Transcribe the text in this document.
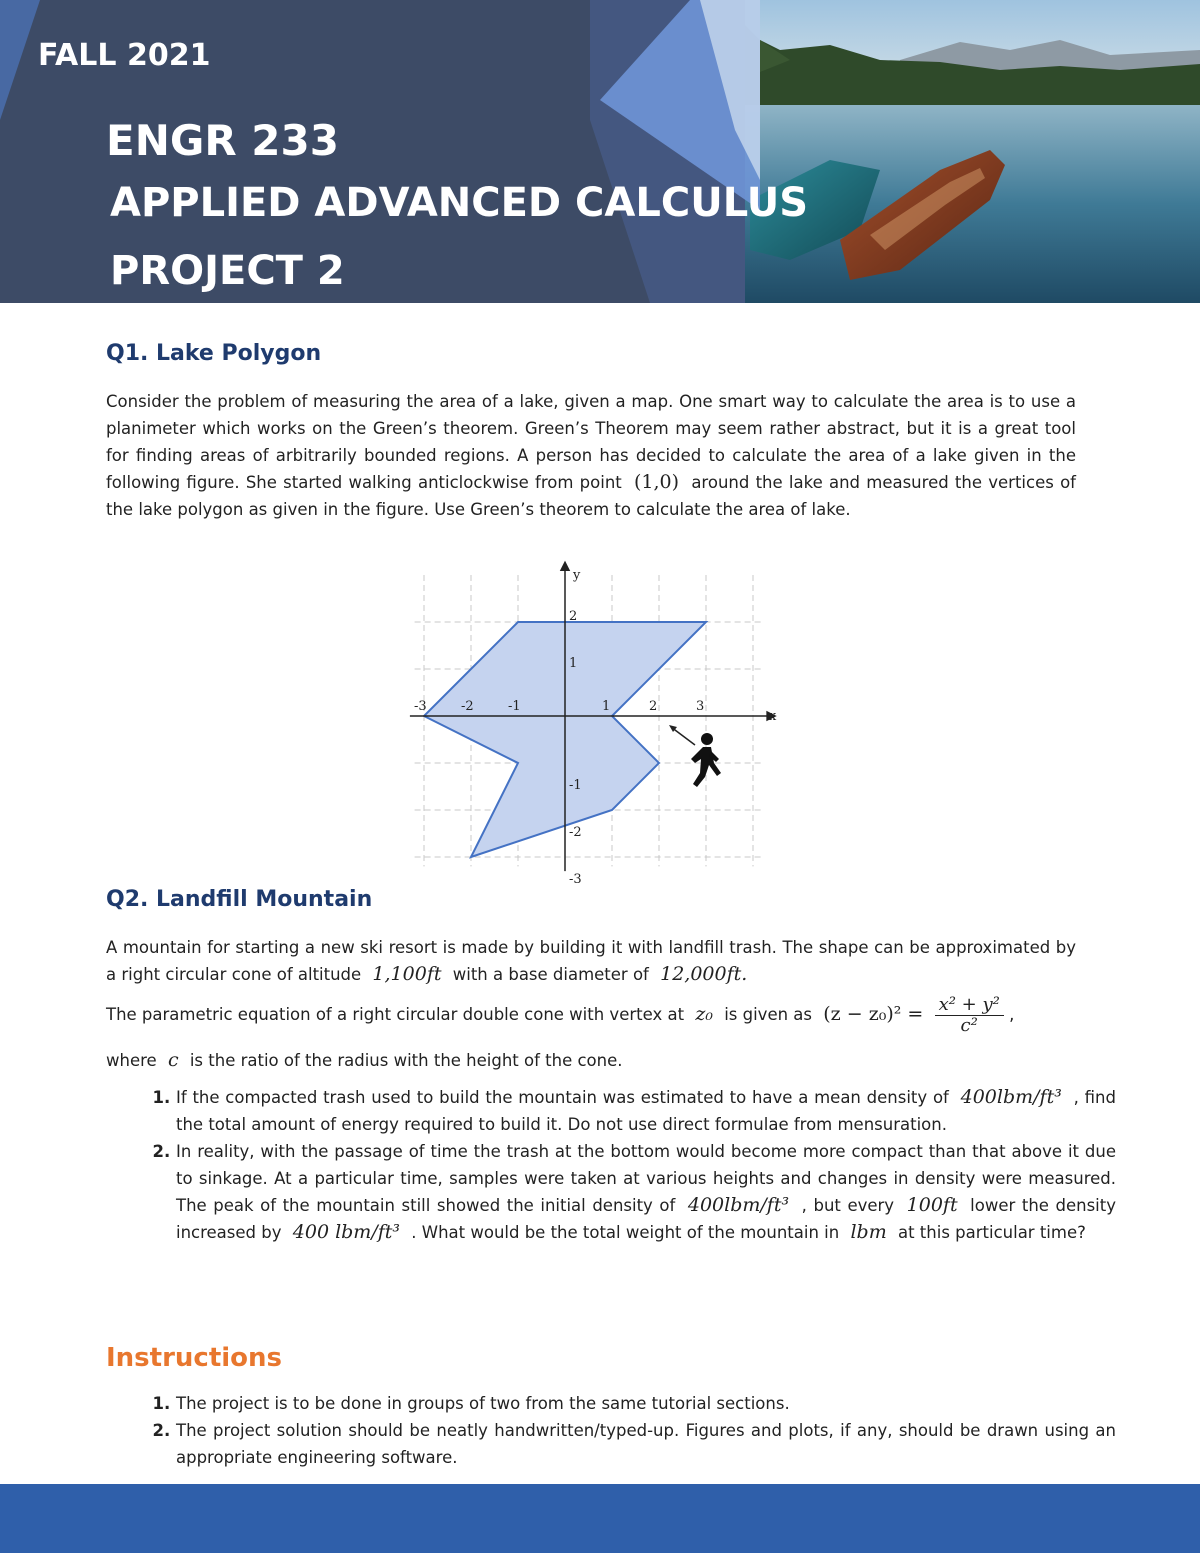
FALL 2021
ENGR 233
APPLIED ADVANCED CALCULUS
PROJECT 2
Q1. Lake Polygon
Consider the problem of measuring the area of a lake, given a map. One smart way to calculate the area is to use a planimeter which works on the Green’s theorem. Green’s Theorem may seem rather abstract, but it is a great tool for finding areas of arbitrarily bounded regions. A person has decided to calculate the area of a lake given in the following figure. She started walking anticlockwise from point (1,0) around the lake and measured the vertices of the lake polygon as given in the figure. Use Green’s theorem to calculate the area of lake.
-3	-2	-1	1	2	3
2
1
-1
-2
-3
x
y
Q2. Landfill Mountain
A mountain for starting a new ski resort is made by building it with landfill trash. The shape can be approximated by a right circular cone of altitude 1,100ft with a base diameter of 12,000ft.
The parametric equation of a right circular double cone with vertex at z₀ is given as $(z - z_0)^2 = \frac{\text{x² + y²}}{\text{c²}}$ ,
where c is the ratio of the radius with the height of the cone.
1. If the compacted trash used to build the mountain was estimated to have a mean density of 400lbm/ft³ , find the total amount of energy required to build it. Do not use direct formulae from mensuration.
2. In reality, with the passage of time the trash at the bottom would become more compact than that above it due to sinkage. At a particular time, samples were taken at various heights and changes in density were measured. The peak of the mountain still showed the initial density of 400lbm/ft³ , but every 100ft lower the density increased by 400 lbm/ft³ . What would be the total weight of the mountain in lbm at this particular time?
Instructions
1. The project is to be done in groups of two from the same tutorial sections.
2. The project solution should be neatly handwritten/typed-up. Figures and plots, if any, should be drawn using an appropriate engineering software.
